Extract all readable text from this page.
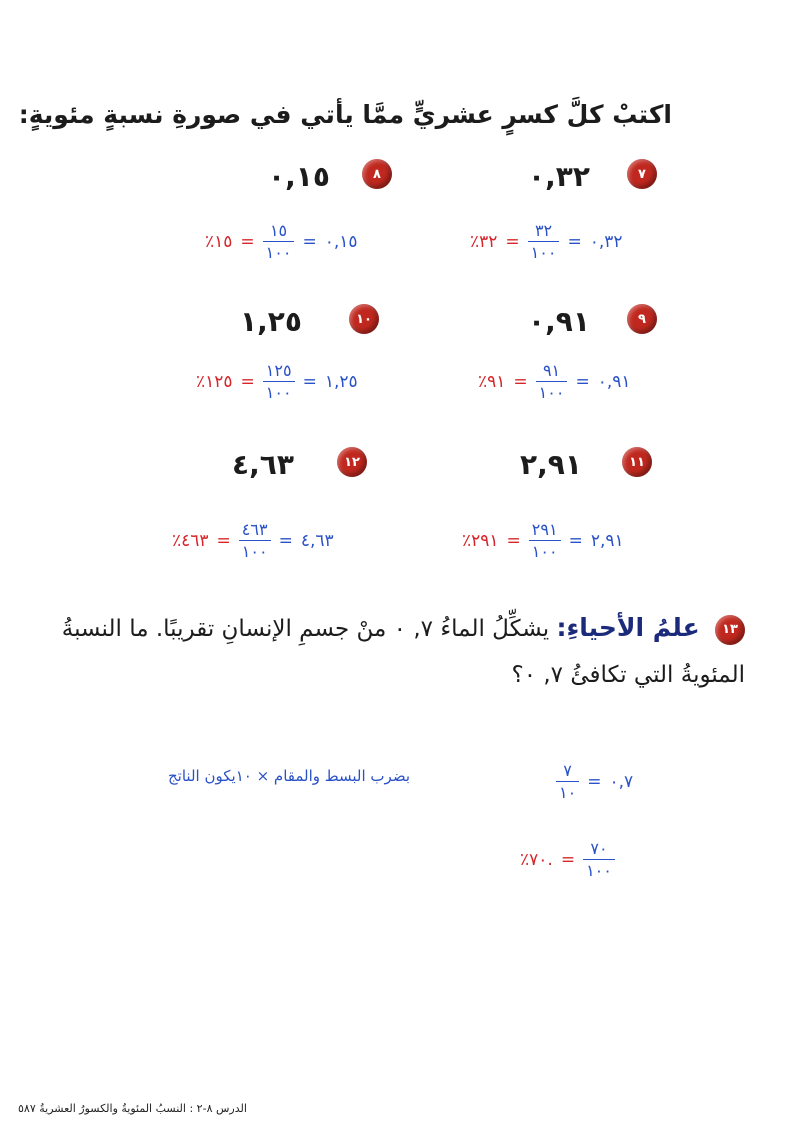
اكتبْ كلَّ كسرٍ عشريٍّ ممَّا يأتي في صورةِ نسبةٍ مئويةٍ:
٠,٣٢	٧
٠,١٥	٨
٪٣٢ = $\frac{٣٢}{١٠٠}$ = ٠,٣٢
٪١٥ = $\frac{١٥}{١٠٠}$ = ٠,١٥
٠,٩١	٩
١,٢٥	١٠
٪٩١ = $\frac{٩١}{١٠٠}$ = ٠,٩١
٪١٢٥ = $\frac{١٢٥}{١٠٠}$ = ١,٢٥
٢,٩١	١١
٤,٦٣	١٢
٪٢٩١ = $\frac{٢٩١}{١٠٠}$ = ٢,٩١
٪٤٦٣ = $\frac{٤٦٣}{١٠٠}$ = ٤,٦٣
١٣ علمُ الأحياءِ: يشكِّلُ الماءُ ٧, ٠ منْ جسمِ الإنسانِ تقريبًا. ما النسبةُ المئويةُ التي تكافئُ ٧, ٠؟
$\frac{٧}{١٠}$ = ٠,٧
بضرب البسط والمقام × ١٠يكون الناتج
٪٧٠. = $\frac{٧٠}{١٠٠}$
الدرس ٨-٢ : النسبُ المئويةُ والكسورُ العشريةُ ٥٨٧
